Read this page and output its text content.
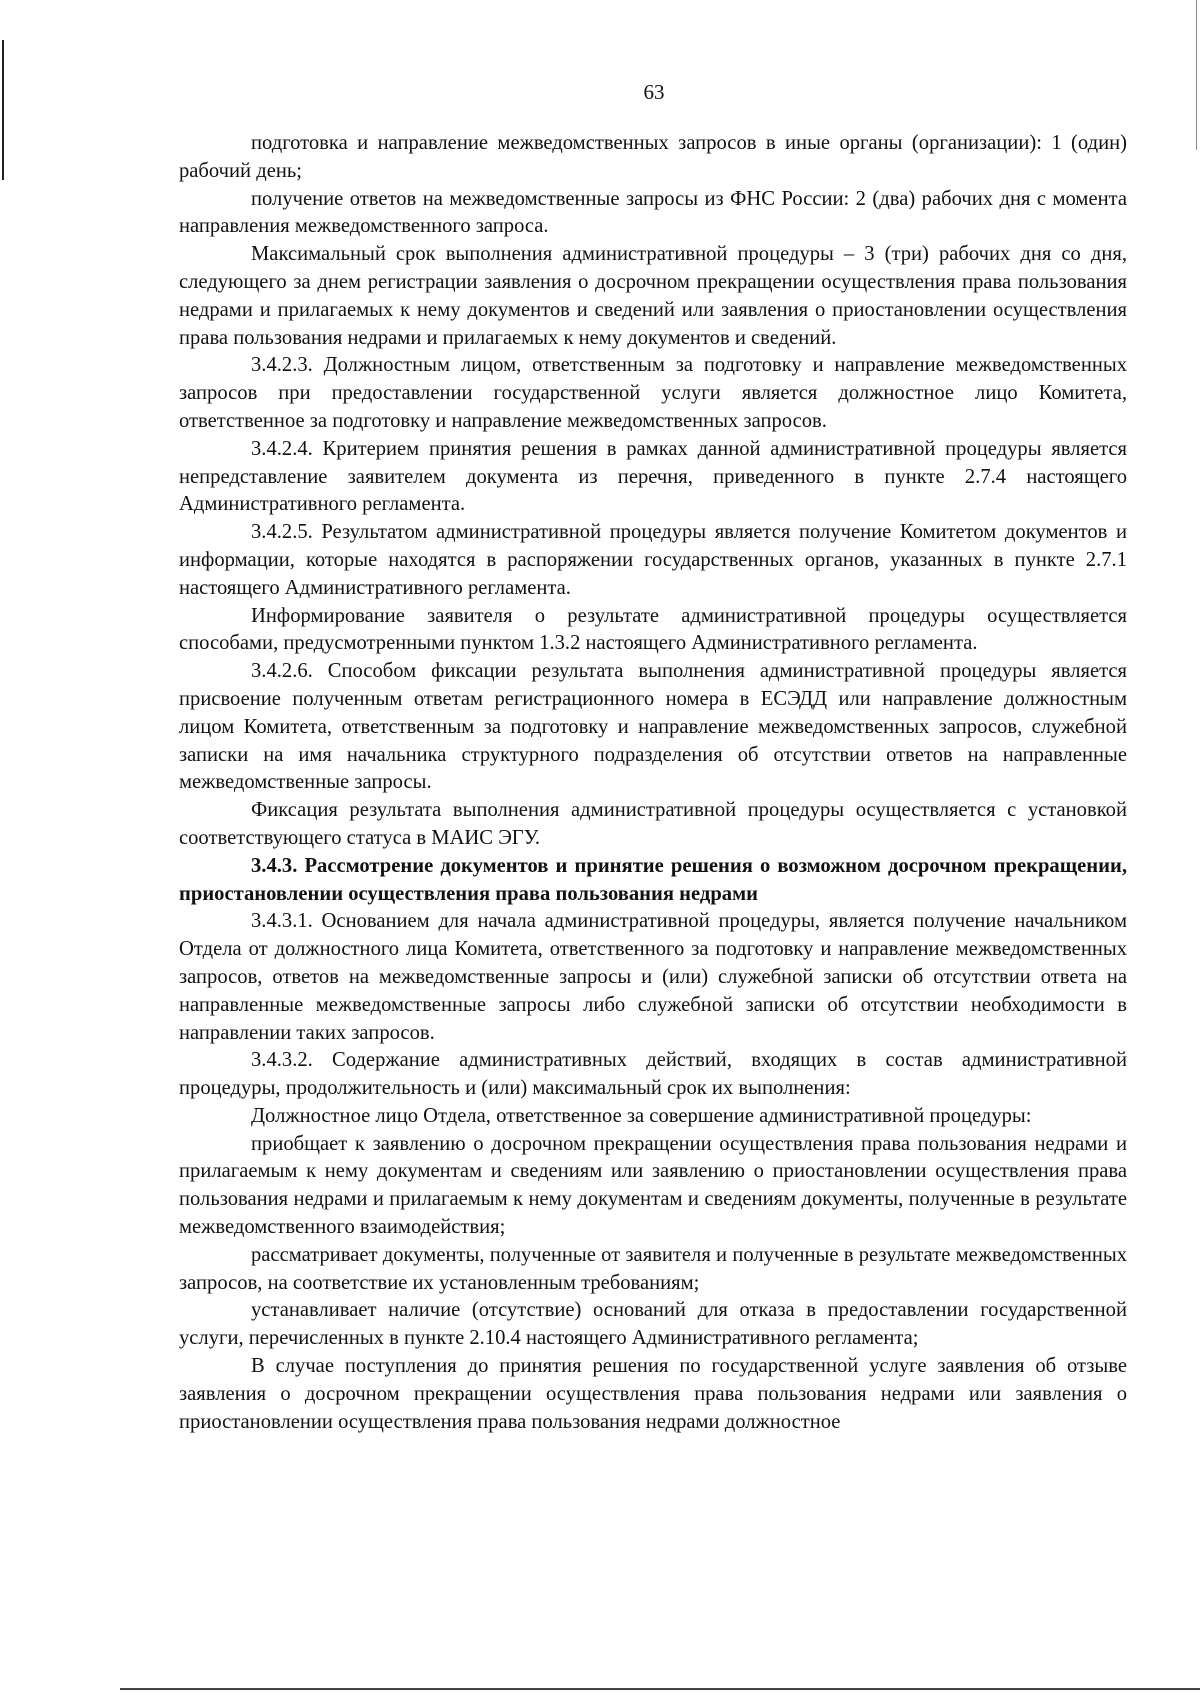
63

подготовка и направление межведомственных запросов в иные органы (организации): 1 (один) рабочий день;

получение ответов на межведомственные запросы из ФНС России: 2 (два) рабочих дня с момента направления межведомственного запроса.

Максимальный срок выполнения административной процедуры – 3 (три) рабочих дня со дня, следующего за днем регистрации заявления о досрочном прекращении осуществления права пользования недрами и прилагаемых к нему документов и сведений или заявления о приостановлении осуществления права пользования недрами и прилагаемых к нему документов и сведений.

3.4.2.3. Должностным лицом, ответственным за подготовку и направление межведомственных запросов при предоставлении государственной услуги является должностное лицо Комитета, ответственное за подготовку и направление межведомственных запросов.

3.4.2.4. Критерием принятия решения в рамках данной административной процедуры является непредставление заявителем документа из перечня, приведенного в пункте 2.7.4 настоящего Административного регламента.

3.4.2.5. Результатом административной процедуры является получение Комитетом документов и информации, которые находятся в распоряжении государственных органов, указанных в пункте 2.7.1 настоящего Административного регламента.

Информирование заявителя о результате административной процедуры осуществляется способами, предусмотренными пунктом 1.3.2 настоящего Административного регламента.

3.4.2.6. Способом фиксации результата выполнения административной процедуры является присвоение полученным ответам регистрационного номера в ЕСЭДД или направление должностным лицом Комитета, ответственным за подготовку и направление межведомственных запросов, служебной записки на имя начальника структурного подразделения об отсутствии ответов на направленные межведомственные запросы.

Фиксация результата выполнения административной процедуры осуществляется с установкой соответствующего статуса в МАИС ЭГУ.

3.4.3. Рассмотрение документов и принятие решения о возможном досрочном прекращении, приостановлении осуществления права пользования недрами

3.4.3.1. Основанием для начала административной процедуры, является получение начальником Отдела от должностного лица Комитета, ответственного за подготовку и направление межведомственных запросов, ответов на межведомственные запросы и (или) служебной записки об отсутствии ответа на направленные межведомственные запросы либо служебной записки об отсутствии необходимости в направлении таких запросов.

3.4.3.2. Содержание административных действий, входящих в состав административной процедуры, продолжительность и (или) максимальный срок их выполнения:

Должностное лицо Отдела, ответственное за совершение административной процедуры:

приобщает к заявлению о досрочном прекращении осуществления права пользования недрами и прилагаемым к нему документам и сведениям или заявлению о приостановлении осуществления права пользования недрами и прилагаемым к нему документам и сведениям документы, полученные в результате межведомственного взаимодействия;

рассматривает документы, полученные от заявителя и полученные в результате межведомственных запросов, на соответствие их установленным требованиям;

устанавливает наличие (отсутствие) оснований для отказа в предоставлении государственной услуги, перечисленных в пункте 2.10.4 настоящего Административного регламента;

В случае поступления до принятия решения по государственной услуге заявления об отзыве заявления о досрочном прекращении осуществления права пользования недрами или заявления о приостановлении осуществления права пользования недрами должностное
